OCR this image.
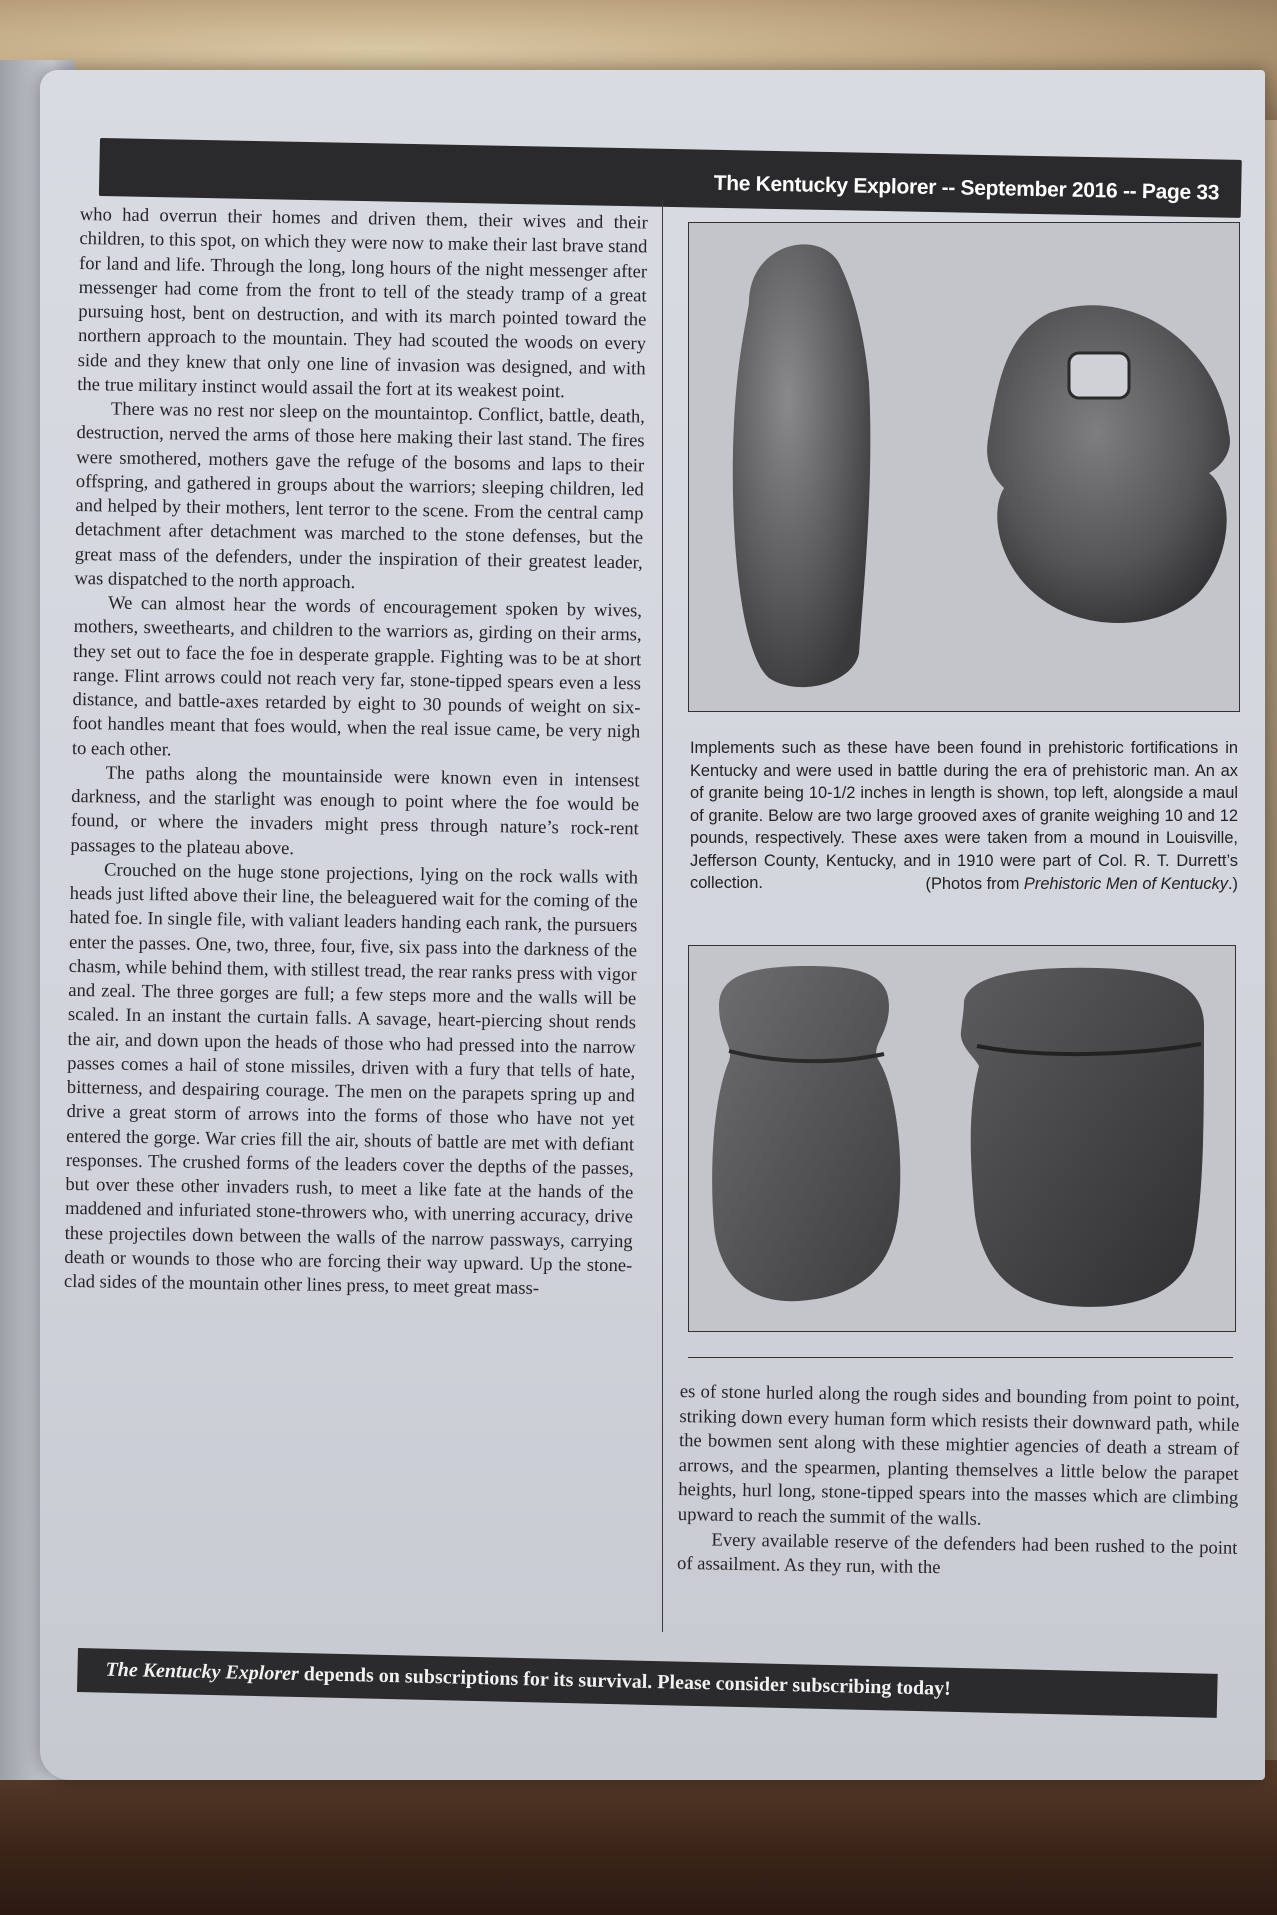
The Kentucky Explorer -- September 2016 -- Page 33

who had overrun their homes and driven them, their wives and their children, to this spot, on which they were now to make their last brave stand for land and life. Through the long, long hours of the night messenger after messenger had come from the front to tell of the steady tramp of a great pursuing host, bent on destruction, and with its march pointed toward the northern approach to the mountain. They had scouted the woods on every side and they knew that only one line of invasion was designed, and with the true military instinct would assail the fort at its weakest point.

There was no rest nor sleep on the mountaintop. Conflict, battle, death, destruction, nerved the arms of those here making their last stand. The fires were smothered, mothers gave the refuge of the bosoms and laps to their offspring, and gathered in groups about the warriors; sleeping children, led and helped by their mothers, lent terror to the scene. From the central camp detachment after detachment was marched to the stone defenses, but the great mass of the defenders, under the inspiration of their greatest leader, was dispatched to the north approach.

We can almost hear the words of encouragement spoken by wives, mothers, sweethearts, and children to the warriors as, girding on their arms, they set out to face the foe in desperate grapple. Fighting was to be at short range. Flint arrows could not reach very far, stone-tipped spears even a less distance, and battle-axes retarded by eight to 30 pounds of weight on six-foot handles meant that foes would, when the real issue came, be very nigh to each other.

The paths along the mountainside were known even in intensest darkness, and the starlight was enough to point where the foe would be found, or where the invaders might press through nature’s rock-rent passages to the plateau above.

Crouched on the huge stone projections, lying on the rock walls with heads just lifted above their line, the beleaguered wait for the coming of the hated foe. In single file, with valiant leaders handing each rank, the pursuers enter the passes. One, two, three, four, five, six pass into the darkness of the chasm, while behind them, with stillest tread, the rear ranks press with vigor and zeal. The three gorges are full; a few steps more and the walls will be scaled. In an instant the curtain falls. A savage, heart-piercing shout rends the air, and down upon the heads of those who had pressed into the narrow passes comes a hail of stone missiles, driven with a fury that tells of hate, bitterness, and despairing courage. The men on the parapets spring up and drive a great storm of arrows into the forms of those who have not yet entered the gorge. War cries fill the air, shouts of battle are met with defiant responses. The crushed forms of the leaders cover the depths of the passes, but over these other invaders rush, to meet a like fate at the hands of the maddened and infuriated stone-throwers who, with unerring accuracy, drive these projectiles down between the walls of the narrow passways, carrying death or wounds to those who are forcing their way upward. Up the stone-clad sides of the mountain other lines press, to meet great mass-

Implements such as these have been found in prehistoric fortifications in Kentucky and were used in battle during the era of prehistoric man. An ax of granite being 10-1/2 inches in length is shown, top left, alongside a maul of granite. Below are two large grooved axes of granite weighing 10 and 12 pounds, respectively. These axes were taken from a mound in Louisville, Jefferson County, Kentucky, and in 1910 were part of Col. R. T. Durrett’s collection.	(Photos from Prehistoric Men of Kentucky.)

es of stone hurled along the rough sides and bounding from point to point, striking down every human form which resists their downward path, while the bowmen sent along with these mightier agencies of death a stream of arrows, and the spearmen, planting themselves a little below the parapet heights, hurl long, stone-tipped spears into the masses which are climbing upward to reach the summit of the walls.

Every available reserve of the defenders had been rushed to the point of assailment. As they run, with the

The Kentucky Explorer depends on subscriptions for its survival. Please consider subscribing today!
